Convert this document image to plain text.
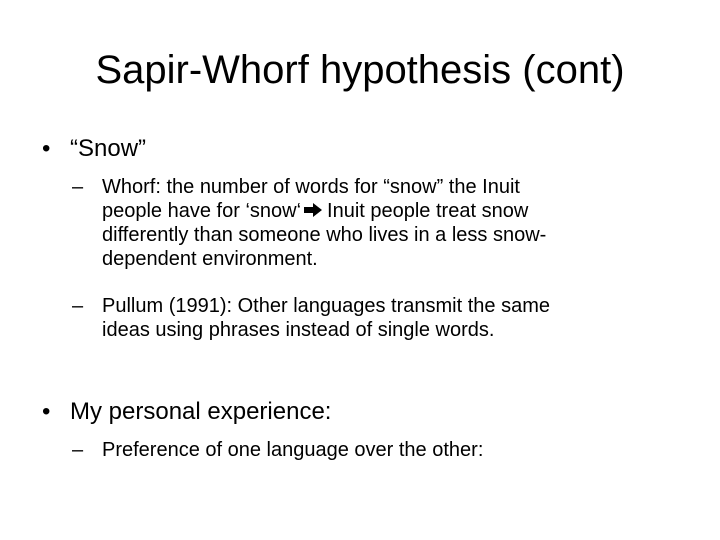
Sapir-Whorf hypothesis (cont)
• “Snow”
– Whorf: the number of words for “snow” the Inuit
people have for ‘snow‘ Inuit people treat snow
differently than someone who lives in a less snow-
dependent environment.
– Pullum (1991): Other languages transmit the same
ideas using phrases instead of single words.
• My personal experience:
– Preference of one language over the other:
